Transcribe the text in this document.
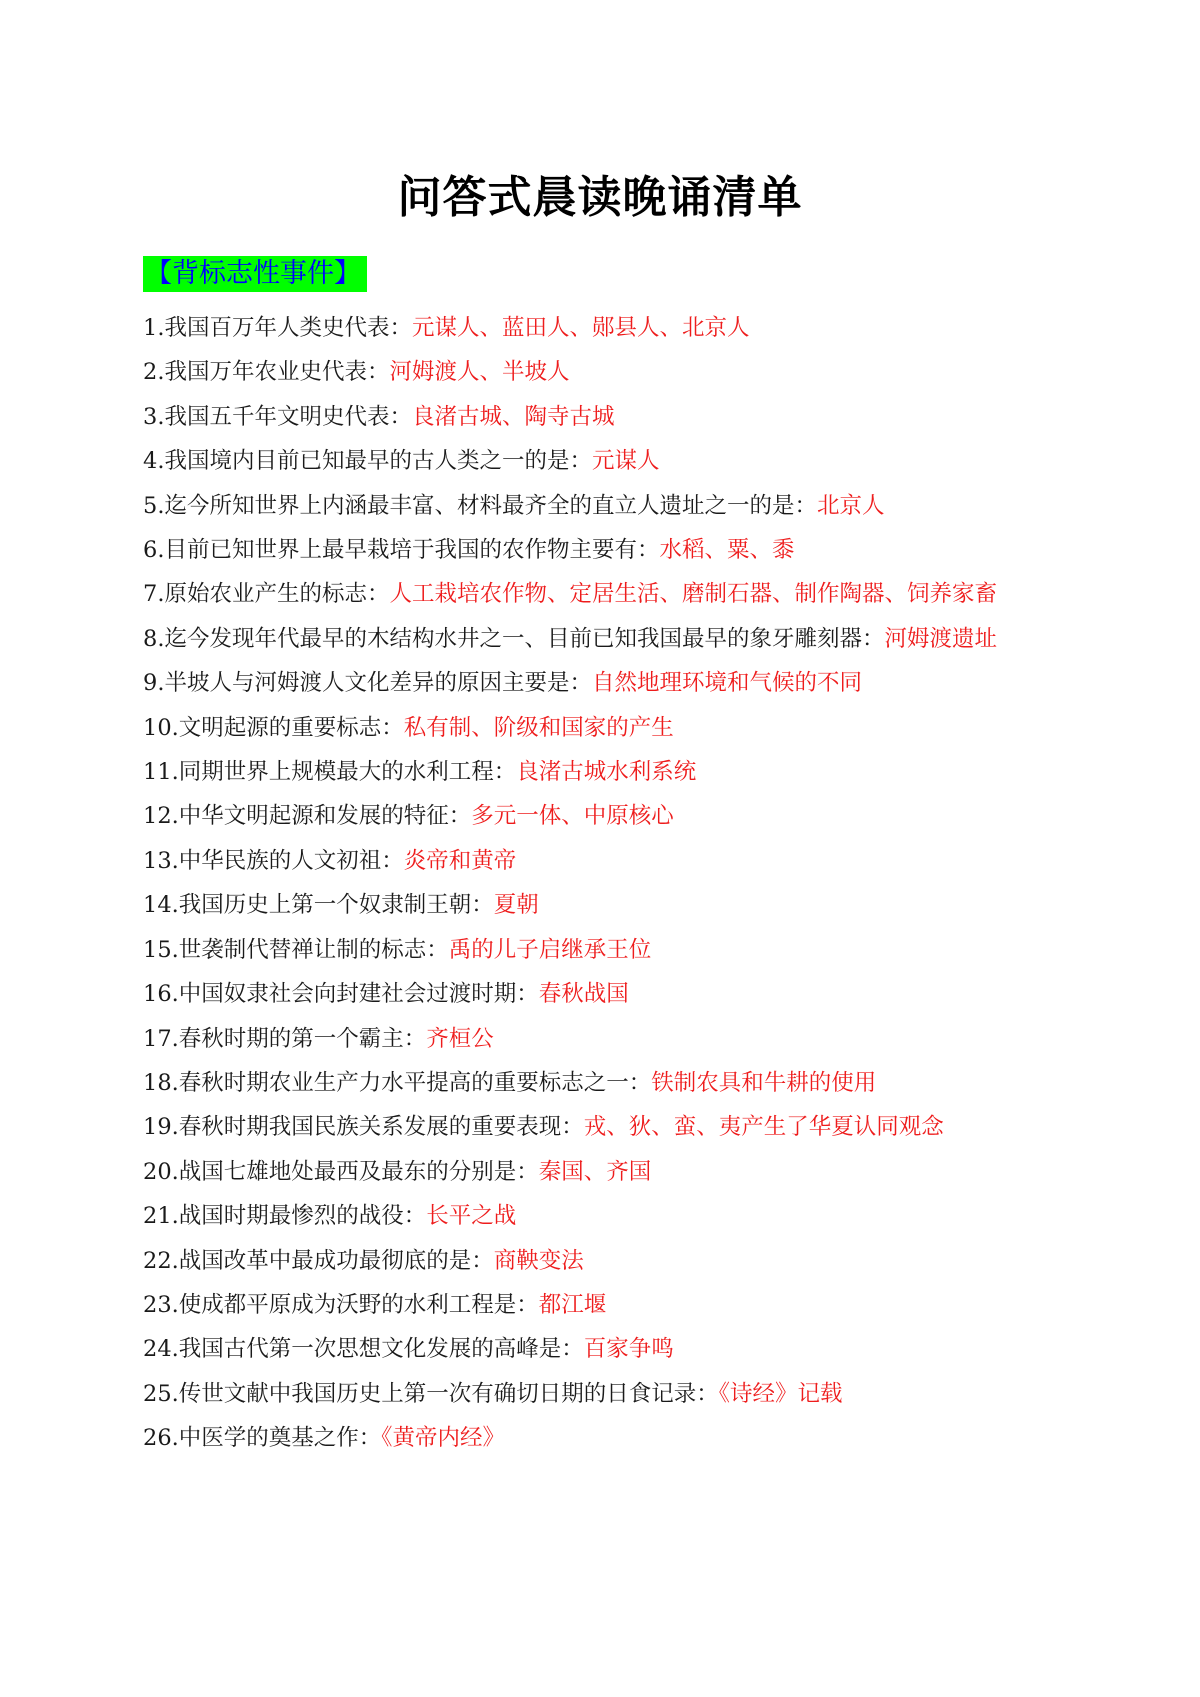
问答式晨读晚诵清单
【背标志性事件】
1.我国百万年人类史代表：元谋人、蓝田人、郧县人、北京人
2.我国万年农业史代表：河姆渡人、半坡人
3.我国五千年文明史代表：良渚古城、陶寺古城
4.我国境内目前已知最早的古人类之一的是：元谋人
5.迄今所知世界上内涵最丰富、材料最齐全的直立人遗址之一的是：北京人
6.目前已知世界上最早栽培于我国的农作物主要有：水稻、粟、黍
7.原始农业产生的标志：人工栽培农作物、定居生活、磨制石器、制作陶器、饲养家畜
8.迄今发现年代最早的木结构水井之一、目前已知我国最早的象牙雕刻器：河姆渡遗址
9.半坡人与河姆渡人文化差异的原因主要是：自然地理环境和气候的不同
10.文明起源的重要标志：私有制、阶级和国家的产生
11.同期世界上规模最大的水利工程：良渚古城水利系统
12.中华文明起源和发展的特征：多元一体、中原核心
13.中华民族的人文初祖：炎帝和黄帝
14.我国历史上第一个奴隶制王朝：夏朝
15.世袭制代替禅让制的标志：禹的儿子启继承王位
16.中国奴隶社会向封建社会过渡时期：春秋战国
17.春秋时期的第一个霸主：齐桓公
18.春秋时期农业生产力水平提高的重要标志之一：铁制农具和牛耕的使用
19.春秋时期我国民族关系发展的重要表现：戎、狄、蛮、夷产生了华夏认同观念
20.战国七雄地处最西及最东的分别是：秦国、齐国
21.战国时期最惨烈的战役：长平之战
22.战国改革中最成功最彻底的是：商鞅变法
23.使成都平原成为沃野的水利工程是：都江堰
24.我国古代第一次思想文化发展的高峰是：百家争鸣
25.传世文献中我国历史上第一次有确切日期的日食记录：《诗经》记载
26.中医学的奠基之作：《黄帝内经》
